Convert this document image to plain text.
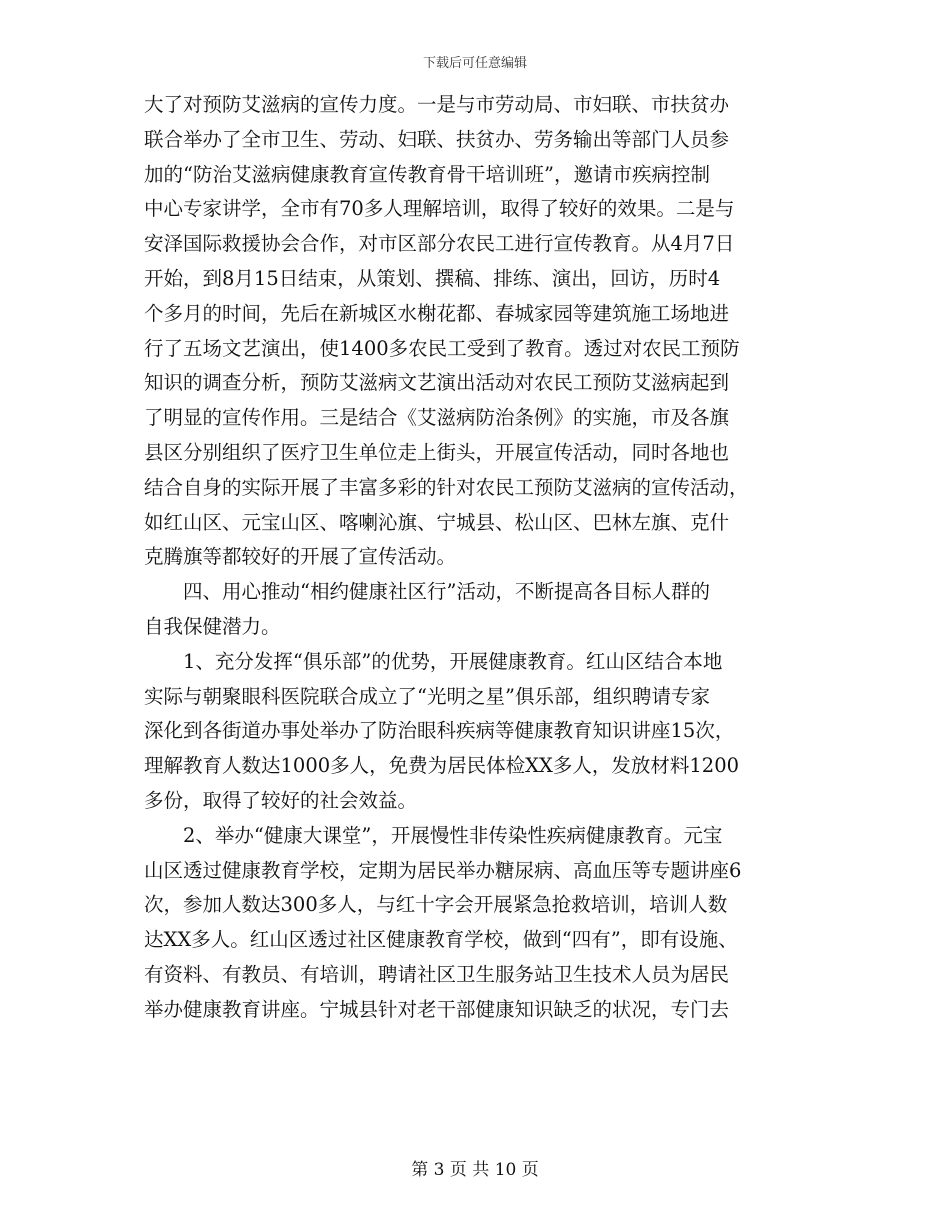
下载后可任意编辑
大了对预防艾滋病的宣传力度。一是与市劳动局、市妇联、市扶贫办
联合举办了全市卫生、劳动、妇联、扶贫办、劳务输出等部门人员参
加的“防治艾滋病健康教育宣传教育骨干培训班”，邀请市疾病控制
中心专家讲学，全市有70多人理解培训，取得了较好的效果。二是与
安泽国际救援协会合作，对市区部分农民工进行宣传教育。从4月7日
开始，到8月15日结束，从策划、撰稿、排练、演出，回访，历时4
个多月的时间，先后在新城区水榭花都、春城家园等建筑施工场地进
行了五场文艺演出，使1400多农民工受到了教育。透过对农民工预防
知识的调查分析，预防艾滋病文艺演出活动对农民工预防艾滋病起到
了明显的宣传作用。三是结合《艾滋病防治条例》的实施，市及各旗
县区分别组织了医疗卫生单位走上街头，开展宣传活动，同时各地也
结合自身的实际开展了丰富多彩的针对农民工预防艾滋病的宣传活动，
如红山区、元宝山区、喀喇沁旗、宁城县、松山区、巴林左旗、克什
克腾旗等都较好的开展了宣传活动。
　　四、用心推动“相约健康社区行”活动，不断提高各目标人群的
自我保健潜力。
　　1、充分发挥“俱乐部”的优势，开展健康教育。红山区结合本地
实际与朝聚眼科医院联合成立了“光明之星”俱乐部，组织聘请专家
深化到各街道办事处举办了防治眼科疾病等健康教育知识讲座15次，
理解教育人数达1000多人，免费为居民体检XX多人，发放材料1200
多份，取得了较好的社会效益。
　　2、举办“健康大课堂”，开展慢性非传染性疾病健康教育。元宝
山区透过健康教育学校，定期为居民举办糖尿病、高血压等专题讲座6
次，参加人数达300多人，与红十字会开展紧急抢救培训，培训人数
达XX多人。红山区透过社区健康教育学校，做到“四有”，即有设施、
有资料、有教员、有培训，聘请社区卫生服务站卫生技术人员为居民
举办健康教育讲座。宁城县针对老干部健康知识缺乏的状况，专门去
第 3 页 共 10 页
